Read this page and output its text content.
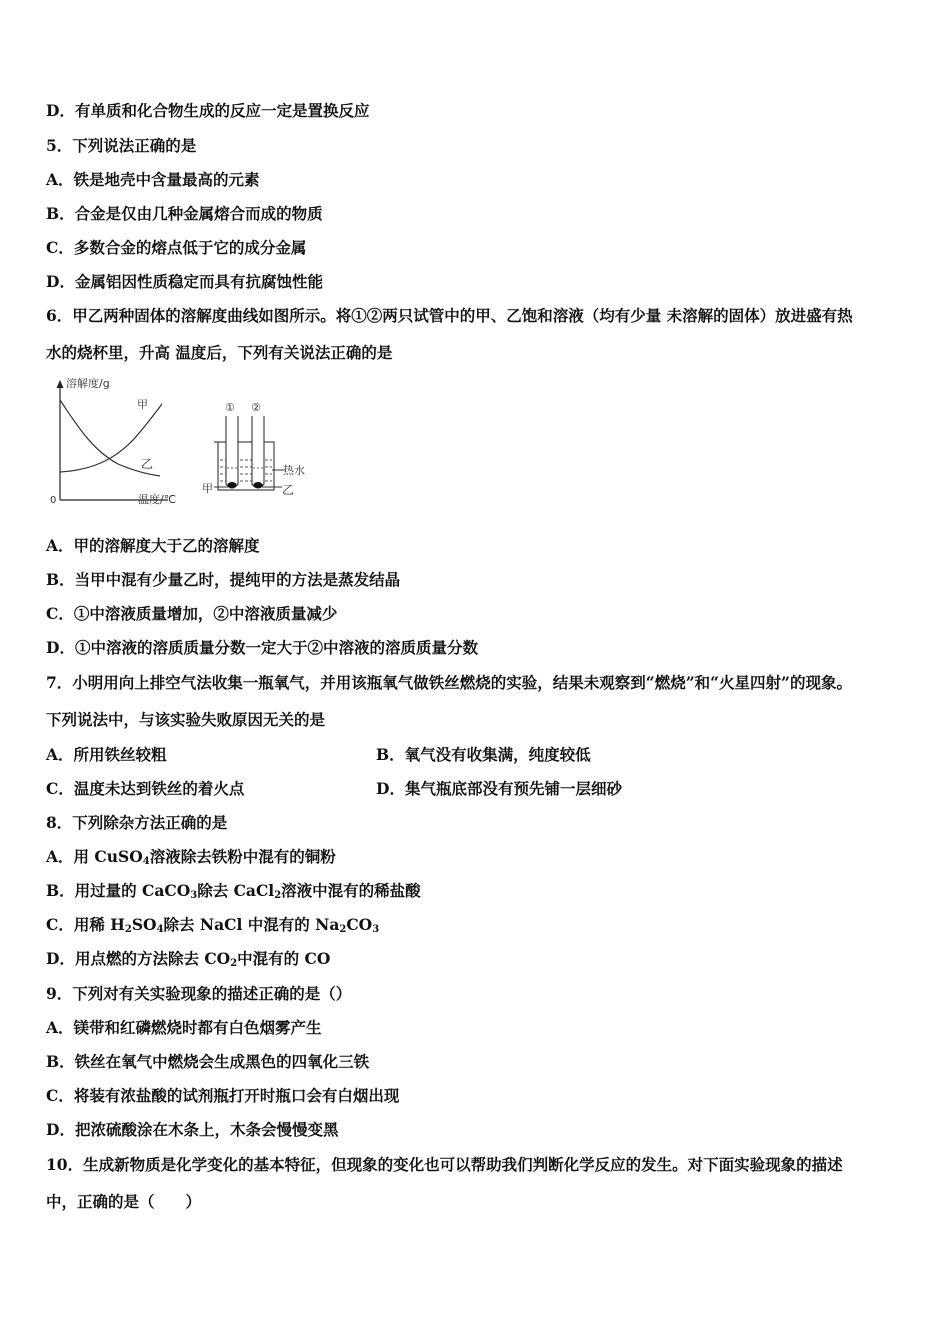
D．有单质和化合物生成的反应一定是置换反应
5．下列说法正确的是
A．铁是地壳中含量最高的元素
B．合金是仅由几种金属熔合而成的物质
C．多数合金的熔点低于它的成分金属
D．金属铝因性质稳定而具有抗腐蚀性能
6．甲乙两种固体的溶解度曲线如图所示。将①②两只试管中的甲、乙饱和溶液（均有少量 未溶解的固体）放进盛有热
水的烧杯里，升高 温度后，下列有关说法正确的是
溶解度/g
0	温度/℃
甲
乙
① ②
热水
甲	乙
A．甲的溶解度大于乙的溶解度
B．当甲中混有少量乙时，提纯甲的方法是蒸发结晶
C．①中溶液质量增加，②中溶液质量减少
D．①中溶液的溶质质量分数一定大于②中溶液的溶质质量分数
7．小明用向上排空气法收集一瓶氧气，并用该瓶氧气做铁丝燃烧的实验，结果未观察到“燃烧”和“火星四射”的现象。
下列说法中，与该实验失败原因无关的是
A．所用铁丝较粗	B．氧气没有收集满，纯度较低
C．温度未达到铁丝的着火点	D．集气瓶底部没有预先铺一层细砂
8．下列除杂方法正确的是
A．用 CuSO$_4$溶液除去铁粉中混有的铜粉
B．用过量的 CaCO$_3$除去 CaCl$_2$溶液中混有的稀盐酸
C．用稀 $H_2SO_4$除去 NaCl 中混有的 $Na_2CO_3$
D．用点燃的方法除去 $CO_2$中混有的 CO
9．下列对有关实验现象的描述正确的是（）
A．镁带和红磷燃烧时都有白色烟雾产生
B．铁丝在氧气中燃烧会生成黑色的四氧化三铁
C．将装有浓盐酸的试剂瓶打开时瓶口会有白烟出现
D．把浓硫酸涂在木条上，木条会慢慢变黑
10．生成新物质是化学变化的基本特征，但现象的变化也可以帮助我们判断化学反应的发生。对下面实验现象的描述
中，正确的是（　　）
